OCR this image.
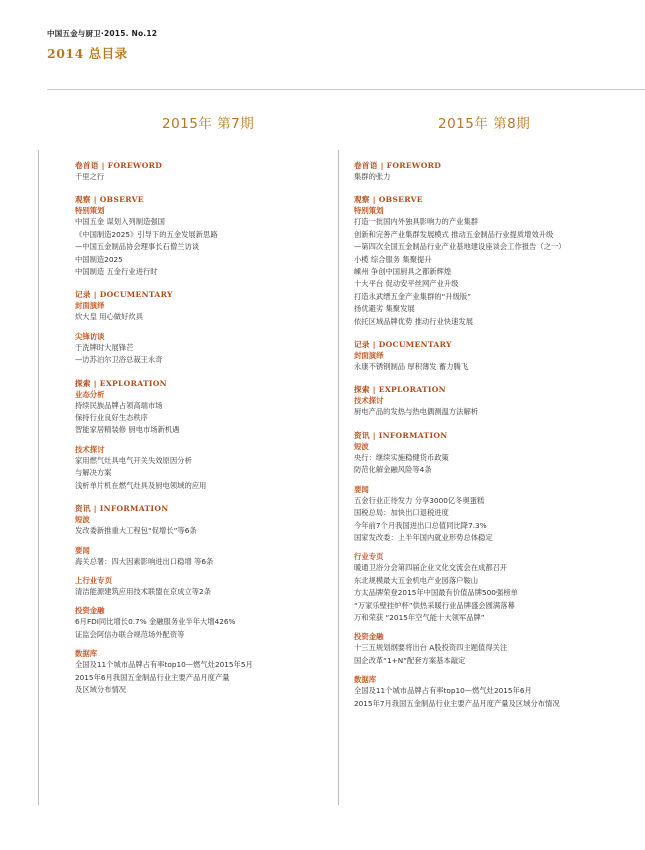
中国五金与厨卫·2015. No.12
2014 总目录
2015年 第7期	2015年 第8期
卷首语 | FOREWORD
千里之行
观察 | OBSERVE
特别策划
中国五金 谋划入列制造强国
《中国制造2025》引导下的五金发展新思路
—中国五金制品协会理事长石僧兰访谈
中国制造2025
中国制造 五金行业进行时
记录 | DOCUMENTARY
封面演绎
炊大皇 用心做好炊具
尖锋访谈
于洗牌时大展锋芒
—访苏泊尔卫浴总裁王永奇
探索 | EXPLORATION
业态分析
持续民族品牌占领高端市场
保持行业良好生态秩序
智能家居精装修 厨电市场新机遇
技术探讨
家用燃气灶具电气开关失效原因分析
与解决方案
浅析单片机在燃气灶具及厨电领域的应用
资讯 | INFORMATION
短波
发改委新推重大工程包“促增长”等6条
要闻
海关总署：四大因素影响进出口稳增 等6条
上行业专页
清洁能源建筑应用技术联盟在京成立等2条
投资金融
6月FDI同比增长0.7% 金融服务业半年大增426%
证监会阿信办联合规范场外配资等
数据库
全国及11个城市品牌占有率top10—燃气灶2015年5月
2015年6月我国五金制品行业主要产品月度产量
及区域分布情况
卷首语 | FOREWORD
集群的张力
观察 | OBSERVE
特别策划
打造一批国内外独具影响力的产业集群
创新和完善产业集群发展模式 推动五金制品行业提质增效升级
—第四次全国五金制品行业产业基地建设座谈会工作报告（之一）
小榄 综合服务 集聚提升
嵊州 争创中国厨具之都新辉煌
十大平台 促动安平丝网产业升级
打造永武缙五金产业集群的“升级版”
扬优避劣 集聚发展
依托区域品牌优势 推动行业快速发展
记录 | DOCUMENTARY
封面演绎
永康不锈钢制品 厚积薄发 蓄力腾飞
探索 | EXPLORATION
技术探讨
厨电产品的发热与热电偶测温方法解析
资讯 | INFORMATION
短波
央行：继续实施稳健货币政策
防范化解金融风险等4条
要闻
五金行业正待发力 分享3000亿冬奥蛋糕
国税总局：加快出口退税进度
今年前7个月我国进出口总值同比降7.3%
国家发改委：上半年国内就业形势总体稳定
行业专页
暖通卫浴分会第四届企业文化交流会在成都召开
东北规模最大五金机电产业园落户鞍山
方太品牌荣登2015年中国最有价值品牌500强榜单
“万家乐壁挂炉杯”供热采暖行业品牌盛会圆满落幕
万和荣获 “2015年空气能十大领军品牌”
投资金融
十三五规划纲要将出台 A股投资四主题值得关注
国企改革“1+N”配套方案基本敲定
数据库
全国及11个城市品牌占有率top10—燃气灶2015年6月
2015年7月我国五金制品行业主要产品月度产量及区域分布情况
